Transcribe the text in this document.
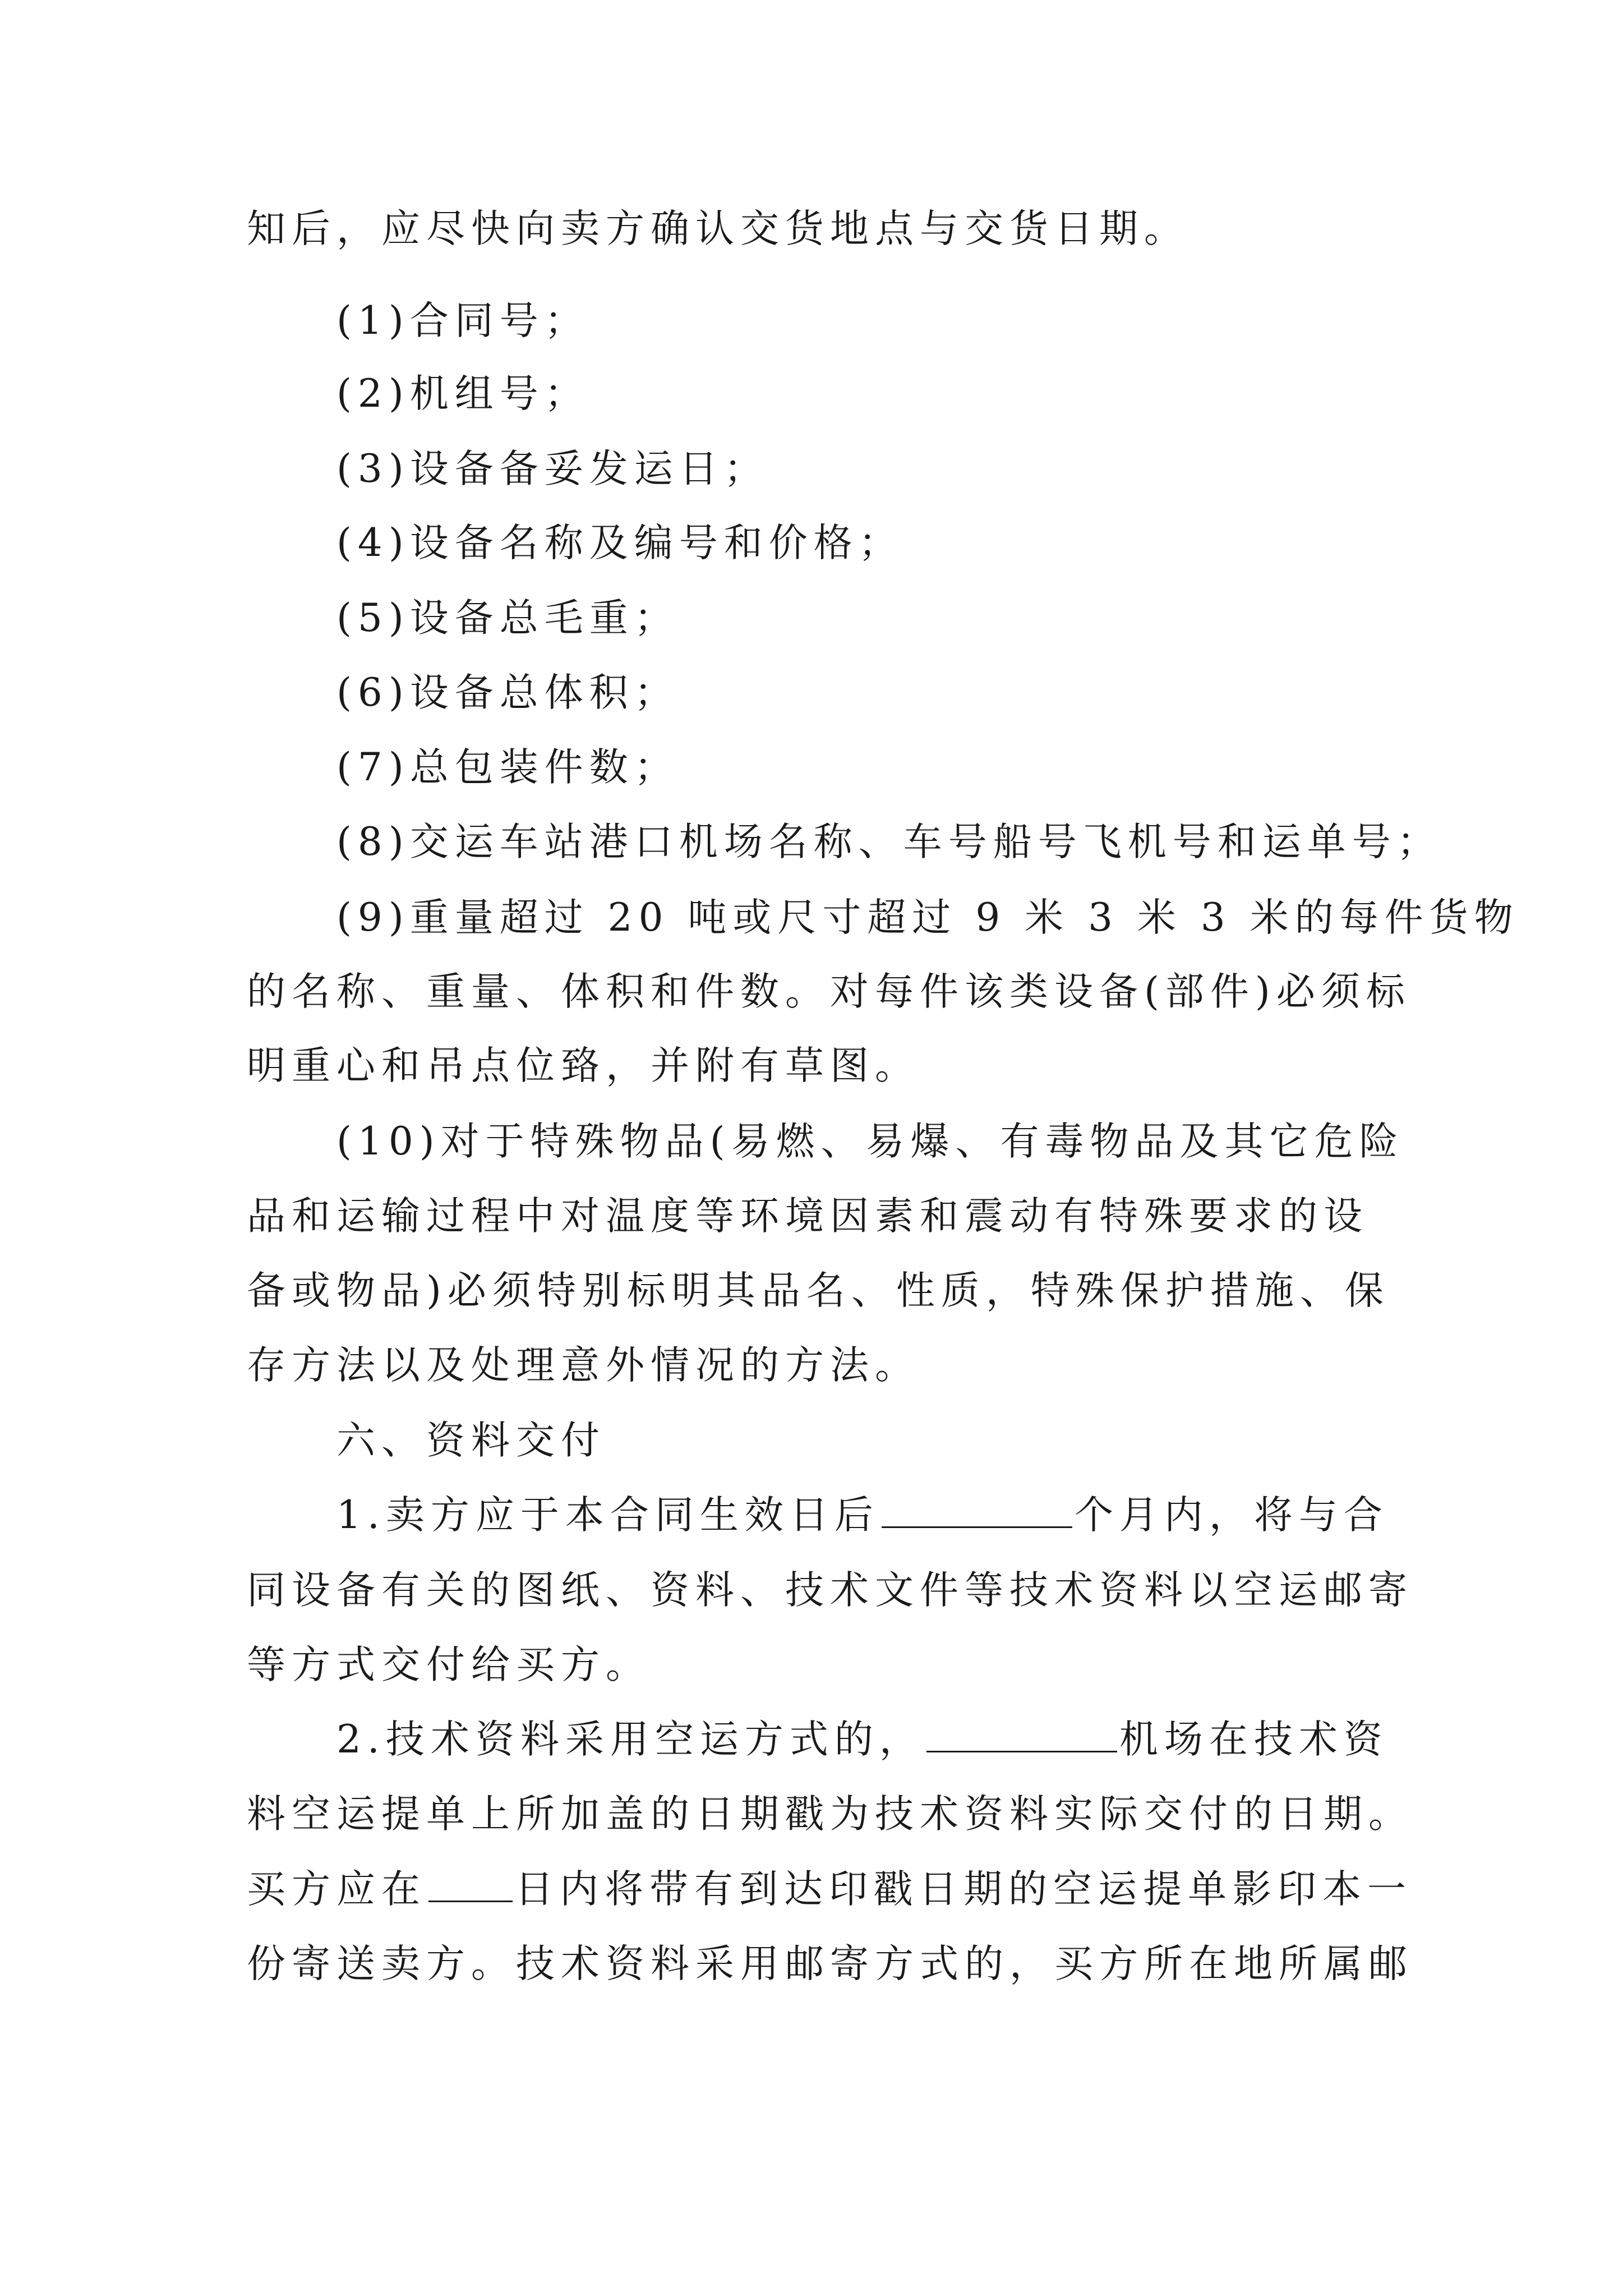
知后，应尽快向卖方确认交货地点与交货日期。
(1)合同号；
(2)机组号；
(3)设备备妥发运日；
(4)设备名称及编号和价格；
(5)设备总毛重；
(6)设备总体积；
(7)总包装件数；
(8)交运车站港口机场名称、车号船号飞机号和运单号；
(9)重量超过 20 吨或尺寸超过 9 米 3 米 3 米的每件货物
的名称、重量、体积和件数。对每件该类设备(部件)必须标
明重心和吊点位臵，并附有草图。
(10)对于特殊物品(易燃、易爆、有毒物品及其它危险
品和运输过程中对温度等环境因素和震动有特殊要求的设
备或物品)必须特别标明其品名、性质，特殊保护措施、保
存方法以及处理意外情况的方法。
六、资料交付
1.卖方应于本合同生效日后	个月内，将与合
同设备有关的图纸、资料、技术文件等技术资料以空运邮寄
等方式交付给买方。
2.技术资料采用空运方式的，	机场在技术资
料空运提单上所加盖的日期戳为技术资料实际交付的日期。
买方应在 日内将带有到达印戳日期的空运提单影印本一
份寄送卖方。技术资料采用邮寄方式的，买方所在地所属邮
